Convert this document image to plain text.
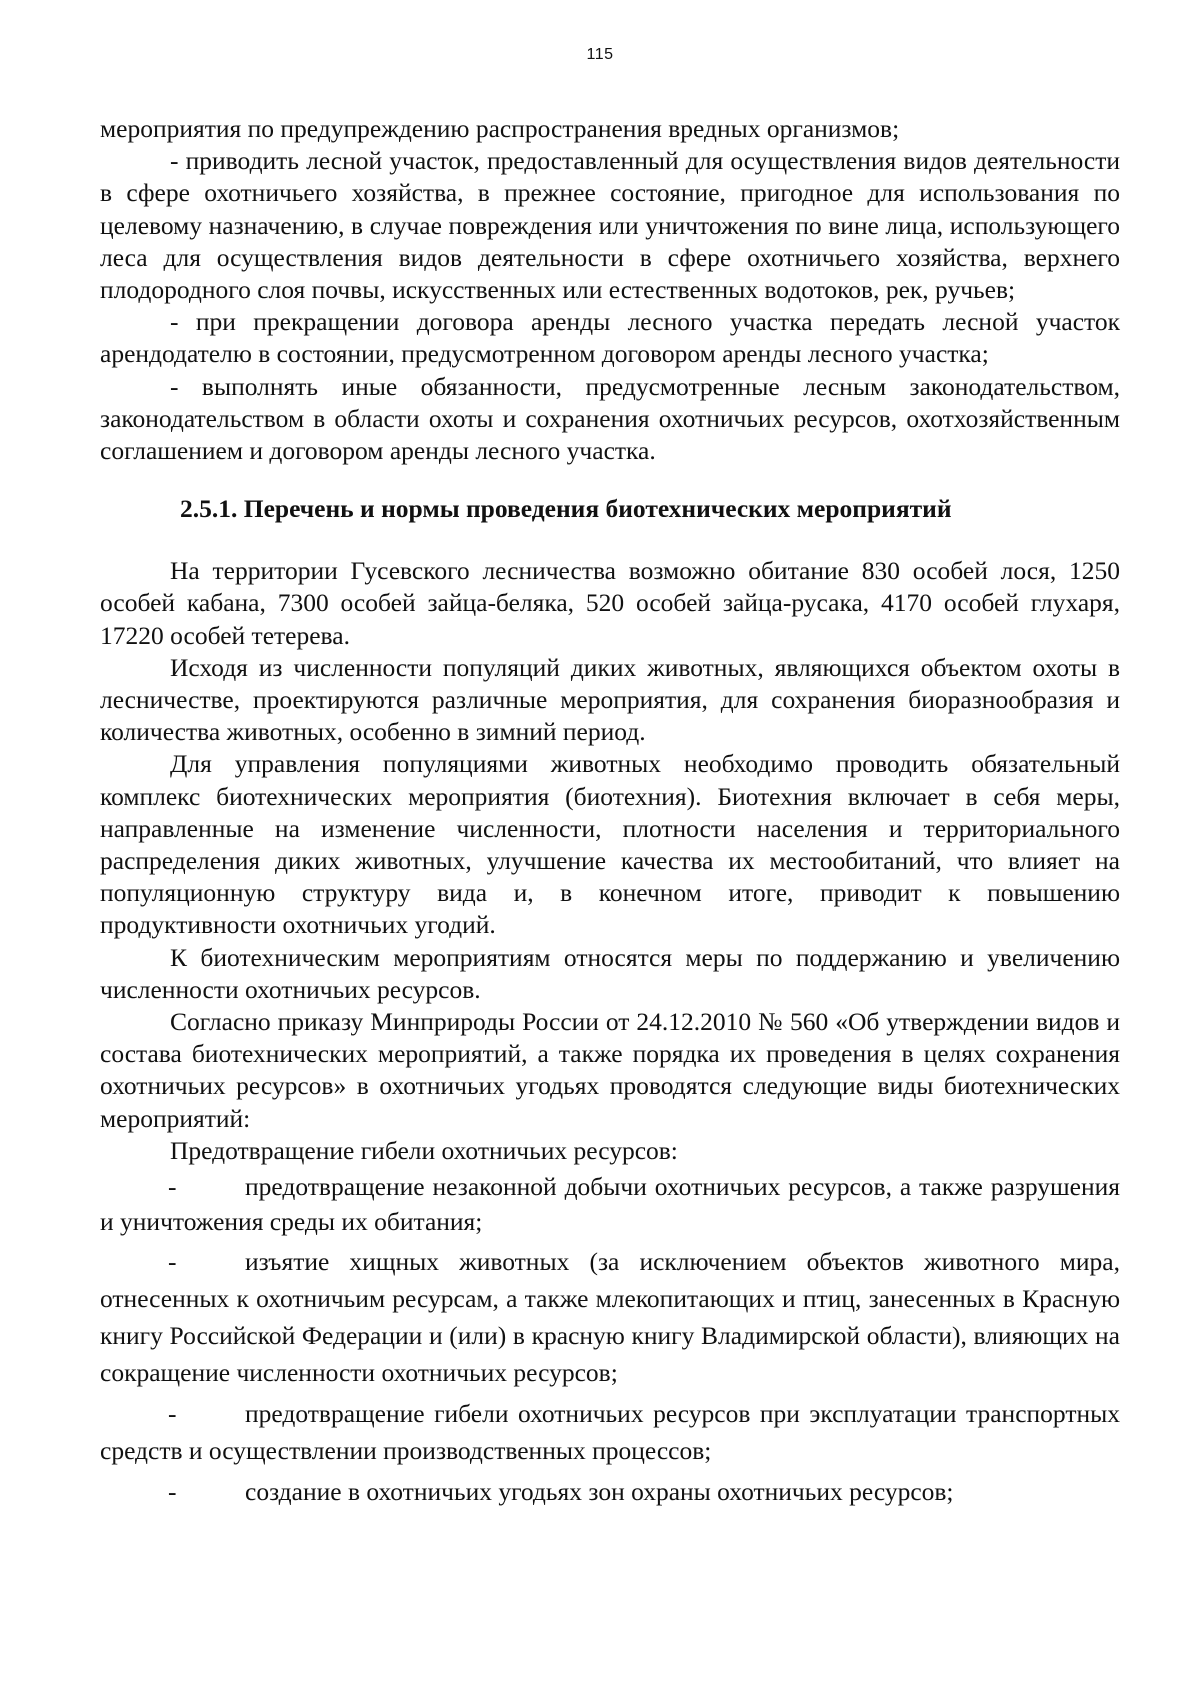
115

мероприятия по предупреждению распространения вредных организмов;

- приводить лесной участок, предоставленный для осуществления видов деятельности в сфере охотничьего хозяйства, в прежнее состояние, пригодное для использования по целевому назначению, в случае повреждения или уничтожения по вине лица, использующего леса для осуществления видов деятельности в сфере охотничьего хозяйства, верхнего плодородного слоя почвы, искусственных или естественных водотоков, рек, ручьев;

- при прекращении договора аренды лесного участка передать лесной участок арендодателю в состоянии, предусмотренном договором аренды лесного участка;

- выполнять иные обязанности, предусмотренные лесным законодательством, законодательством в области охоты и сохранения охотничьих ресурсов, охотхозяйственным соглашением и договором аренды лесного участка.

2.5.1. Перечень и нормы проведения биотехнических мероприятий

На территории Гусевского лесничества возможно обитание 830 особей лося, 1250 особей кабана, 7300 особей зайца-беляка, 520 особей зайца-русака, 4170 особей глухаря, 17220 особей тетерева.

Исходя из численности популяций диких животных, являющихся объектом охоты в лесничестве, проектируются различные мероприятия, для сохранения биоразнообразия и количества животных, особенно в зимний период.

Для управления популяциями животных необходимо проводить обязательный комплекс биотехнических мероприятия (биотехния). Биотехния включает в себя меры, направленные на изменение численности, плотности населения и территориального распределения диких животных, улучшение качества их местообитаний, что влияет на популяционную структуру вида и, в конечном итоге, приводит к повышению продуктивности охотничьих угодий.

К биотехническим мероприятиям относятся меры по поддержанию и увеличению численности охотничьих ресурсов.

Согласно приказу Минприроды России от 24.12.2010 № 560 «Об утверждении видов и состава биотехнических мероприятий, а также порядка их проведения в целях сохранения охотничьих ресурсов» в охотничьих угодьях проводятся следующие виды биотехнических мероприятий:

Предотвращение гибели охотничьих ресурсов:

-	предотвращение незаконной добычи охотничьих ресурсов, а также разрушения и уничтожения среды их обитания;

-	изъятие хищных животных (за исключением объектов животного мира, отнесенных к охотничьим ресурсам, а также млекопитающих и птиц, занесенных в Красную книгу Российской Федерации и (или) в красную книгу Владимирской области), влияющих на сокращение численности охотничьих ресурсов;

-	предотвращение гибели охотничьих ресурсов при эксплуатации транспортных средств и осуществлении производственных процессов;

-	создание в охотничьих угодьях зон охраны охотничьих ресурсов;
